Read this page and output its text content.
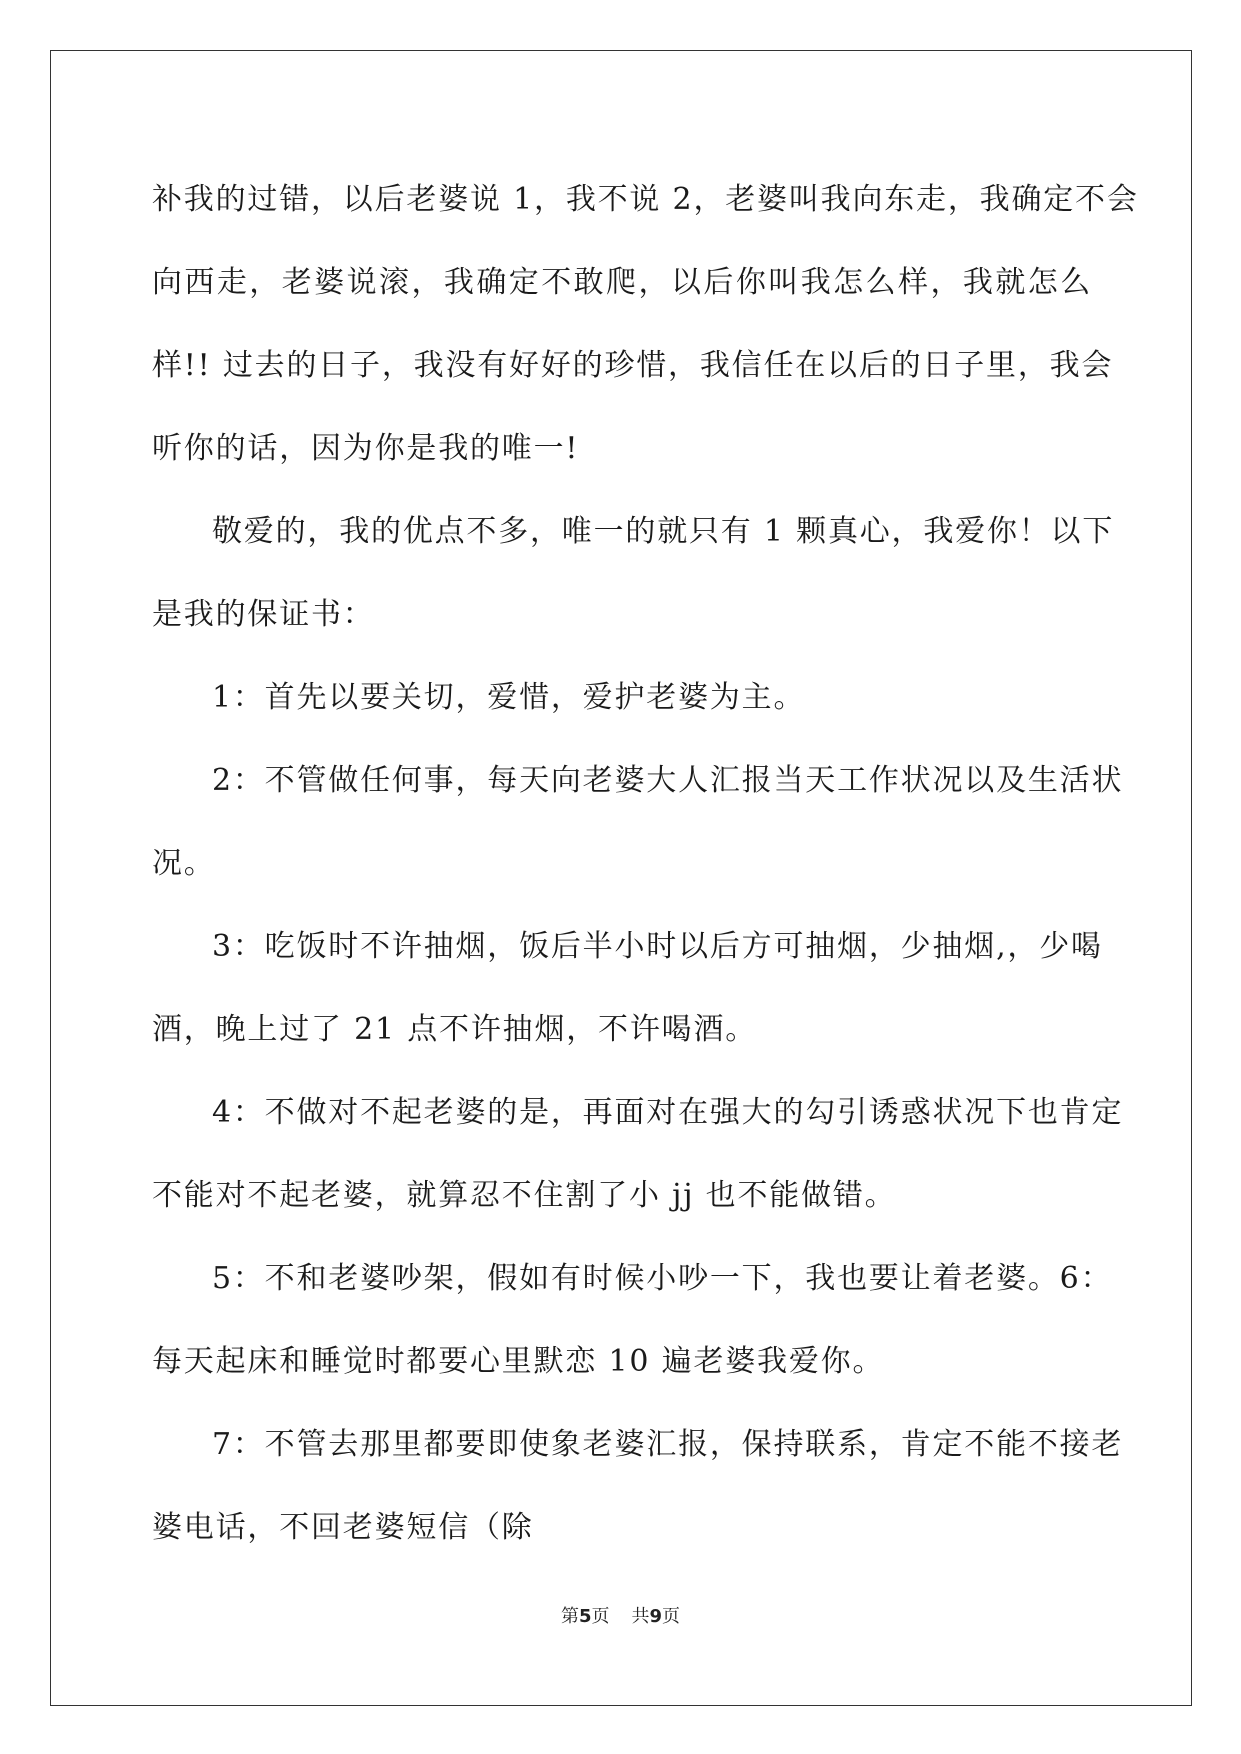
补我的过错，以后老婆说 1，我不说 2，老婆叫我向东走，我确定不会
向西走，老婆说滚，我确定不敢爬，以后你叫我怎么样，我就怎么
样!! 过去的日子，我没有好好的珍惜，我信任在以后的日子里，我会
听你的话，因为你是我的唯一!
敬爱的，我的优点不多，唯一的就只有 1 颗真心，我爱你！以下
是我的保证书：
1：首先以要关切，爱惜，爱护老婆为主。
2：不管做任何事，每天向老婆大人汇报当天工作状况以及生活状
况。
3：吃饭时不许抽烟，饭后半小时以后方可抽烟，少抽烟,，少喝
酒，晚上过了 21 点不许抽烟，不许喝酒。
4：不做对不起老婆的是，再面对在强大的勾引诱惑状况下也肯定
不能对不起老婆，就算忍不住割了小 jj 也不能做错。
5：不和老婆吵架，假如有时候小吵一下，我也要让着老婆。6：
每天起床和睡觉时都要心里默恋 10 遍老婆我爱你。
7：不管去那里都要即使象老婆汇报，保持联系，肯定不能不接老
婆电话，不回老婆短信（除
第5页 共9页
